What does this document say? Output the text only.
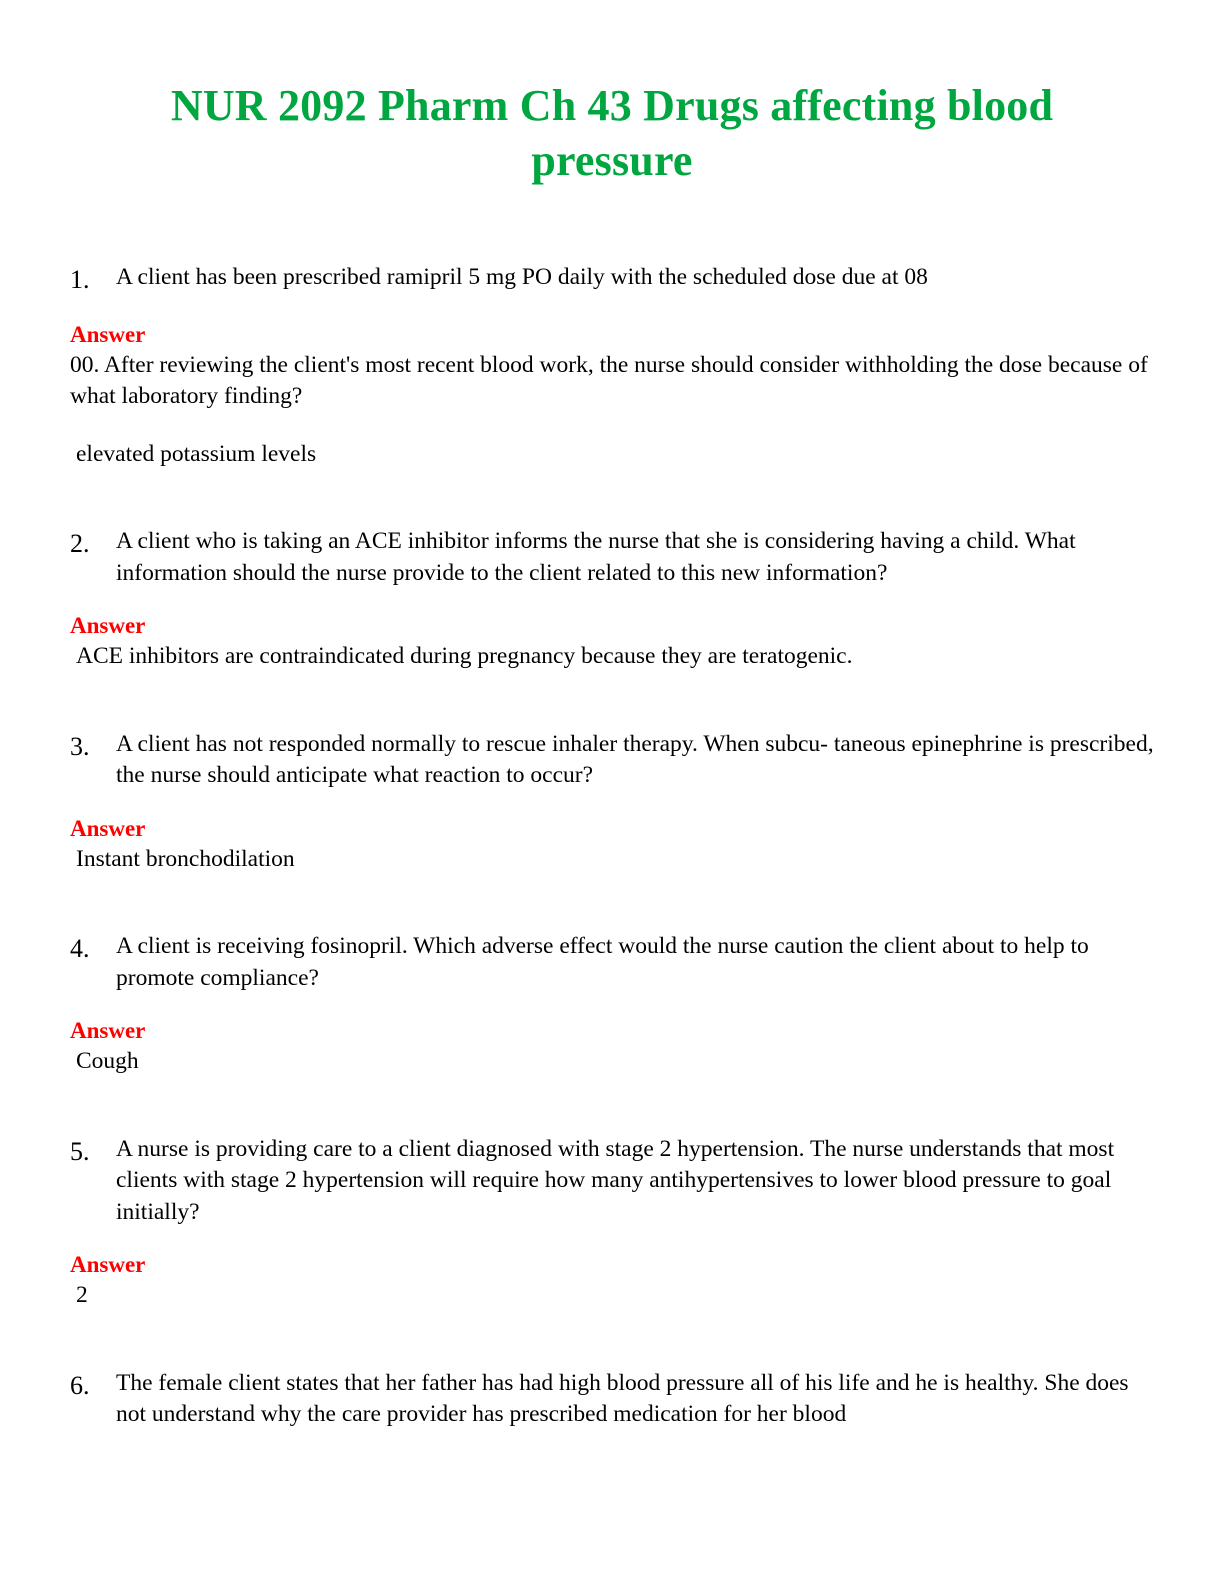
NUR 2092 Pharm Ch 43 Drugs affecting blood pressure
1.	A client has been prescribed ramipril 5 mg PO daily with the scheduled dose due at 08
Answer
00. After reviewing the client's most recent blood work, the nurse should consider withholding the dose because of what laboratory finding?
elevated potassium levels
2.	A client who is taking an ACE inhibitor informs the nurse that she is considering having a child. What information should the nurse provide to the client related to this new information?
Answer
ACE inhibitors are contraindicated during pregnancy because they are teratogenic.
3.	A client has not responded normally to rescue inhaler therapy. When subcu- taneous epinephrine is prescribed, the nurse should anticipate what reaction to occur?
Answer
Instant bronchodilation
4.	A client is receiving fosinopril. Which adverse effect would the nurse caution the client about to help to promote compliance?
Answer
Cough
5.	A nurse is providing care to a client diagnosed with stage 2 hypertension. The nurse understands that most clients with stage 2 hypertension will require how many antihypertensives to lower blood pressure to goal initially?
Answer
2
6.	The female client states that her father has had high blood pressure all of his life and he is healthy. She does not understand why the care provider has prescribed medication for her blood
